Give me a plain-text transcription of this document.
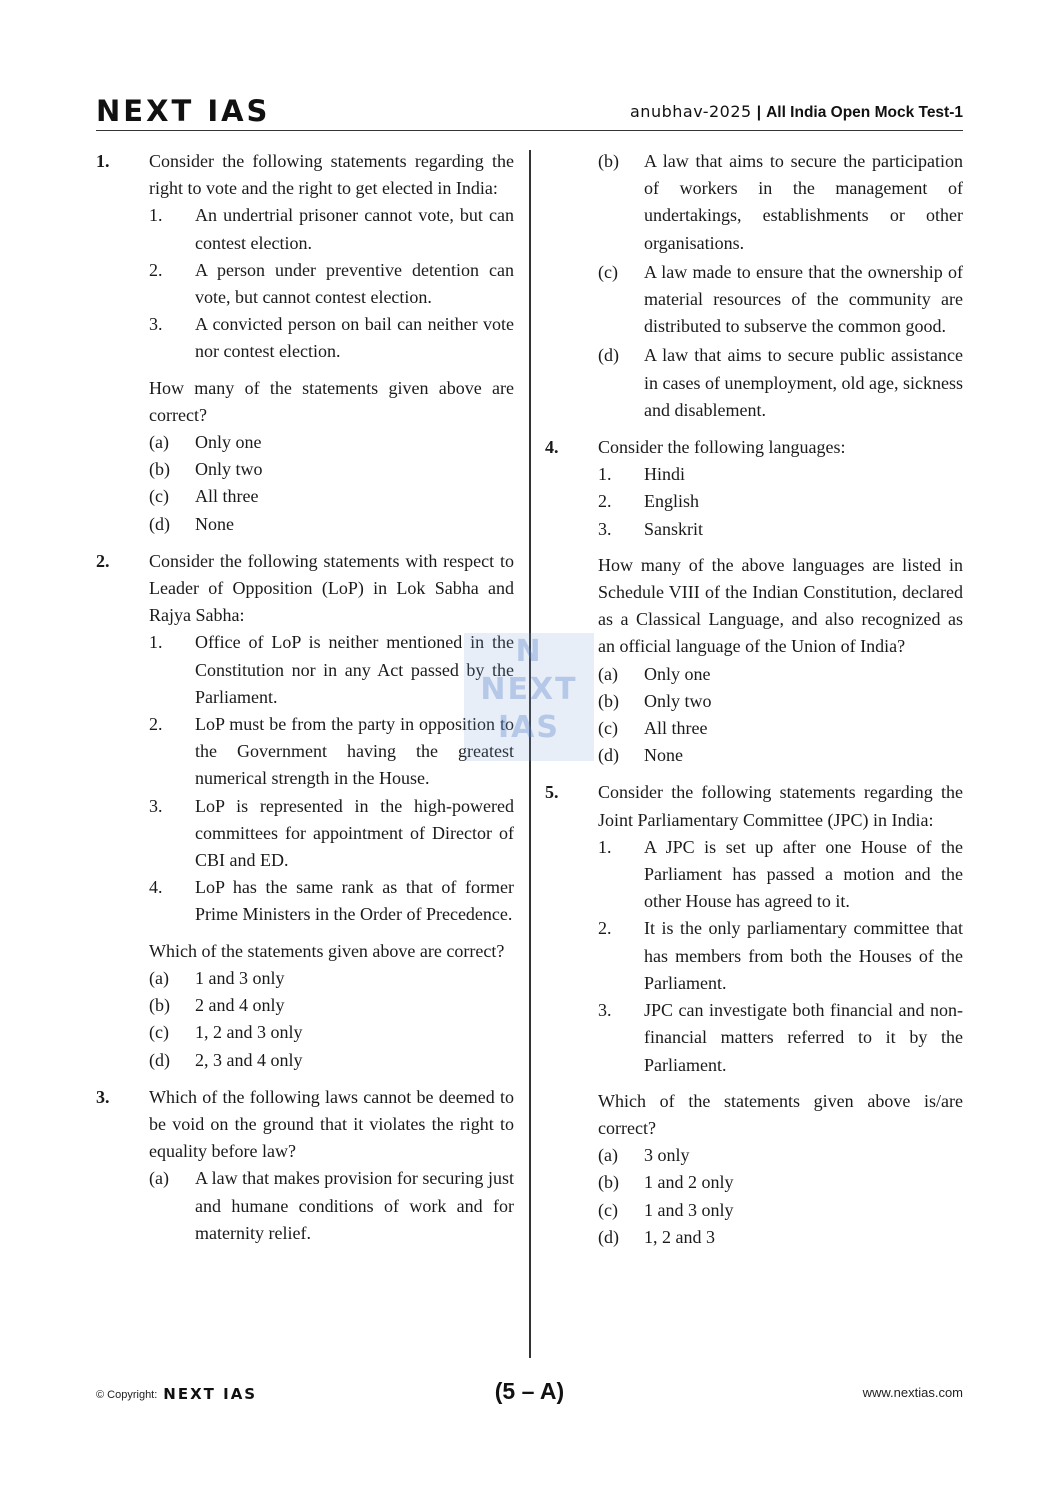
NEXT IAS	anubhav-2025 | All India Open Mock Test-1
1. Consider the following statements regarding the right to vote and the right to get elected in India:

1. An undertrial prisoner cannot vote, but can contest election.
2. A person under preventive detention can vote, but cannot contest election.
3. A convicted person on bail can neither vote nor contest election.

How many of the statements given above are correct?

(a) Only one
(b) Only two
(c) All three
(d) None
2. Consider the following statements with respect to Leader of Opposition (LoP) in Lok Sabha and Rajya Sabha:

1. Office of LoP is neither mentioned in the Constitution nor in any Act passed by the Parliament.
2. LoP must be from the party in opposition to the Government having the greatest numerical strength in the House.
3. LoP is represented in the high-powered committees for appointment of Director of CBI and ED.
4. LoP has the same rank as that of former Prime Ministers in the Order of Precedence.

Which of the statements given above are correct?

(a) 1 and 3 only
(b) 2 and 4 only
(c) 1, 2 and 3 only
(d) 2, 3 and 4 only
3. Which of the following laws cannot be deemed to be void on the ground that it violates the right to equality before law?

(a) A law that makes provision for securing just and humane conditions of work and for maternity relief.
(b) A law that aims to secure the participation of workers in the management of undertakings, establishments or other organisations.
(c) A law made to ensure that the ownership of material resources of the community are distributed to subserve the common good.
(d) A law that aims to secure public assistance in cases of unemployment, old age, sickness and disablement.
4. Consider the following languages:

1. Hindi
2. English
3. Sanskrit

How many of the above languages are listed in Schedule VIII of the Indian Constitution, declared as a Classical Language, and also recognized as an official language of the Union of India?

(a) Only one
(b) Only two
(c) All three
(d) None
5. Consider the following statements regarding the Joint Parliamentary Committee (JPC) in India:

1. A JPC is set up after one House of the Parliament has passed a motion and the other House has agreed to it.
2. It is the only parliamentary committee that has members from both the Houses of the Parliament.
3. JPC can investigate both financial and non-financial matters referred to it by the Parliament.

Which of the statements given above is/are correct?

(a) 3 only
(b) 1 and 2 only
(c) 1 and 3 only
(d) 1, 2 and 3
N
NEXT
IAS
© Copyright: NEXT IAS	(5 – A)	www.nextias.com
